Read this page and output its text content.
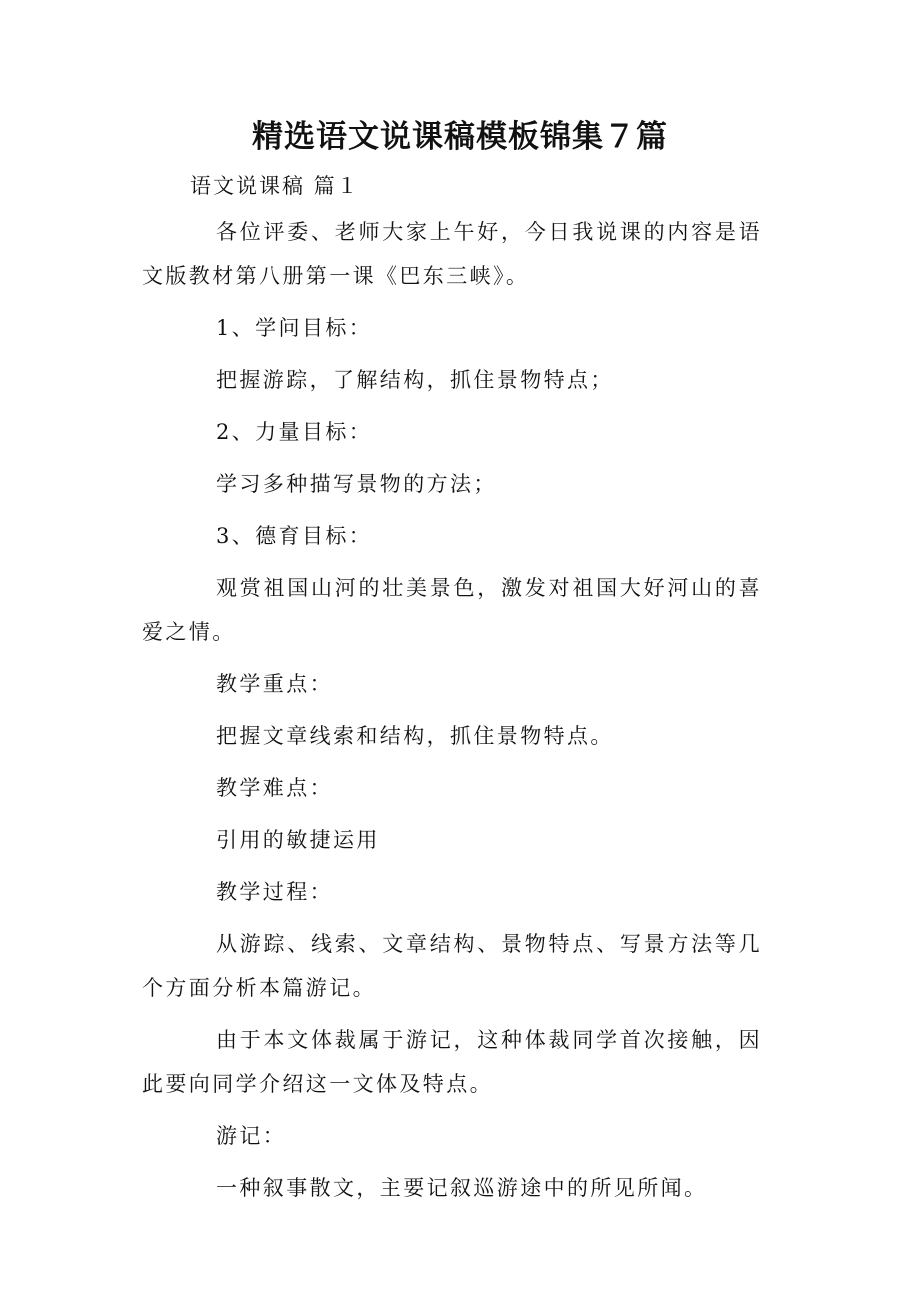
精选语文说课稿模板锦集７篇

语文说课稿 篇１

各位评委、老师大家上午好，今日我说课的内容是语文版教材第八册第一课《巴东三峡》。

1、学问目标：

把握游踪，了解结构，抓住景物特点；

2、力量目标：

学习多种描写景物的方法；

3、德育目标：

观赏祖国山河的壮美景色，激发对祖国大好河山的喜爱之情。

教学重点：

把握文章线索和结构，抓住景物特点。

教学难点：

引用的敏捷运用

教学过程：

从游踪、线索、文章结构、景物特点、写景方法等几个方面分析本篇游记。

由于本文体裁属于游记，这种体裁同学首次接触，因此要向同学介绍这一文体及特点。

游记：

一种叙事散文，主要记叙巡游途中的所见所闻。
